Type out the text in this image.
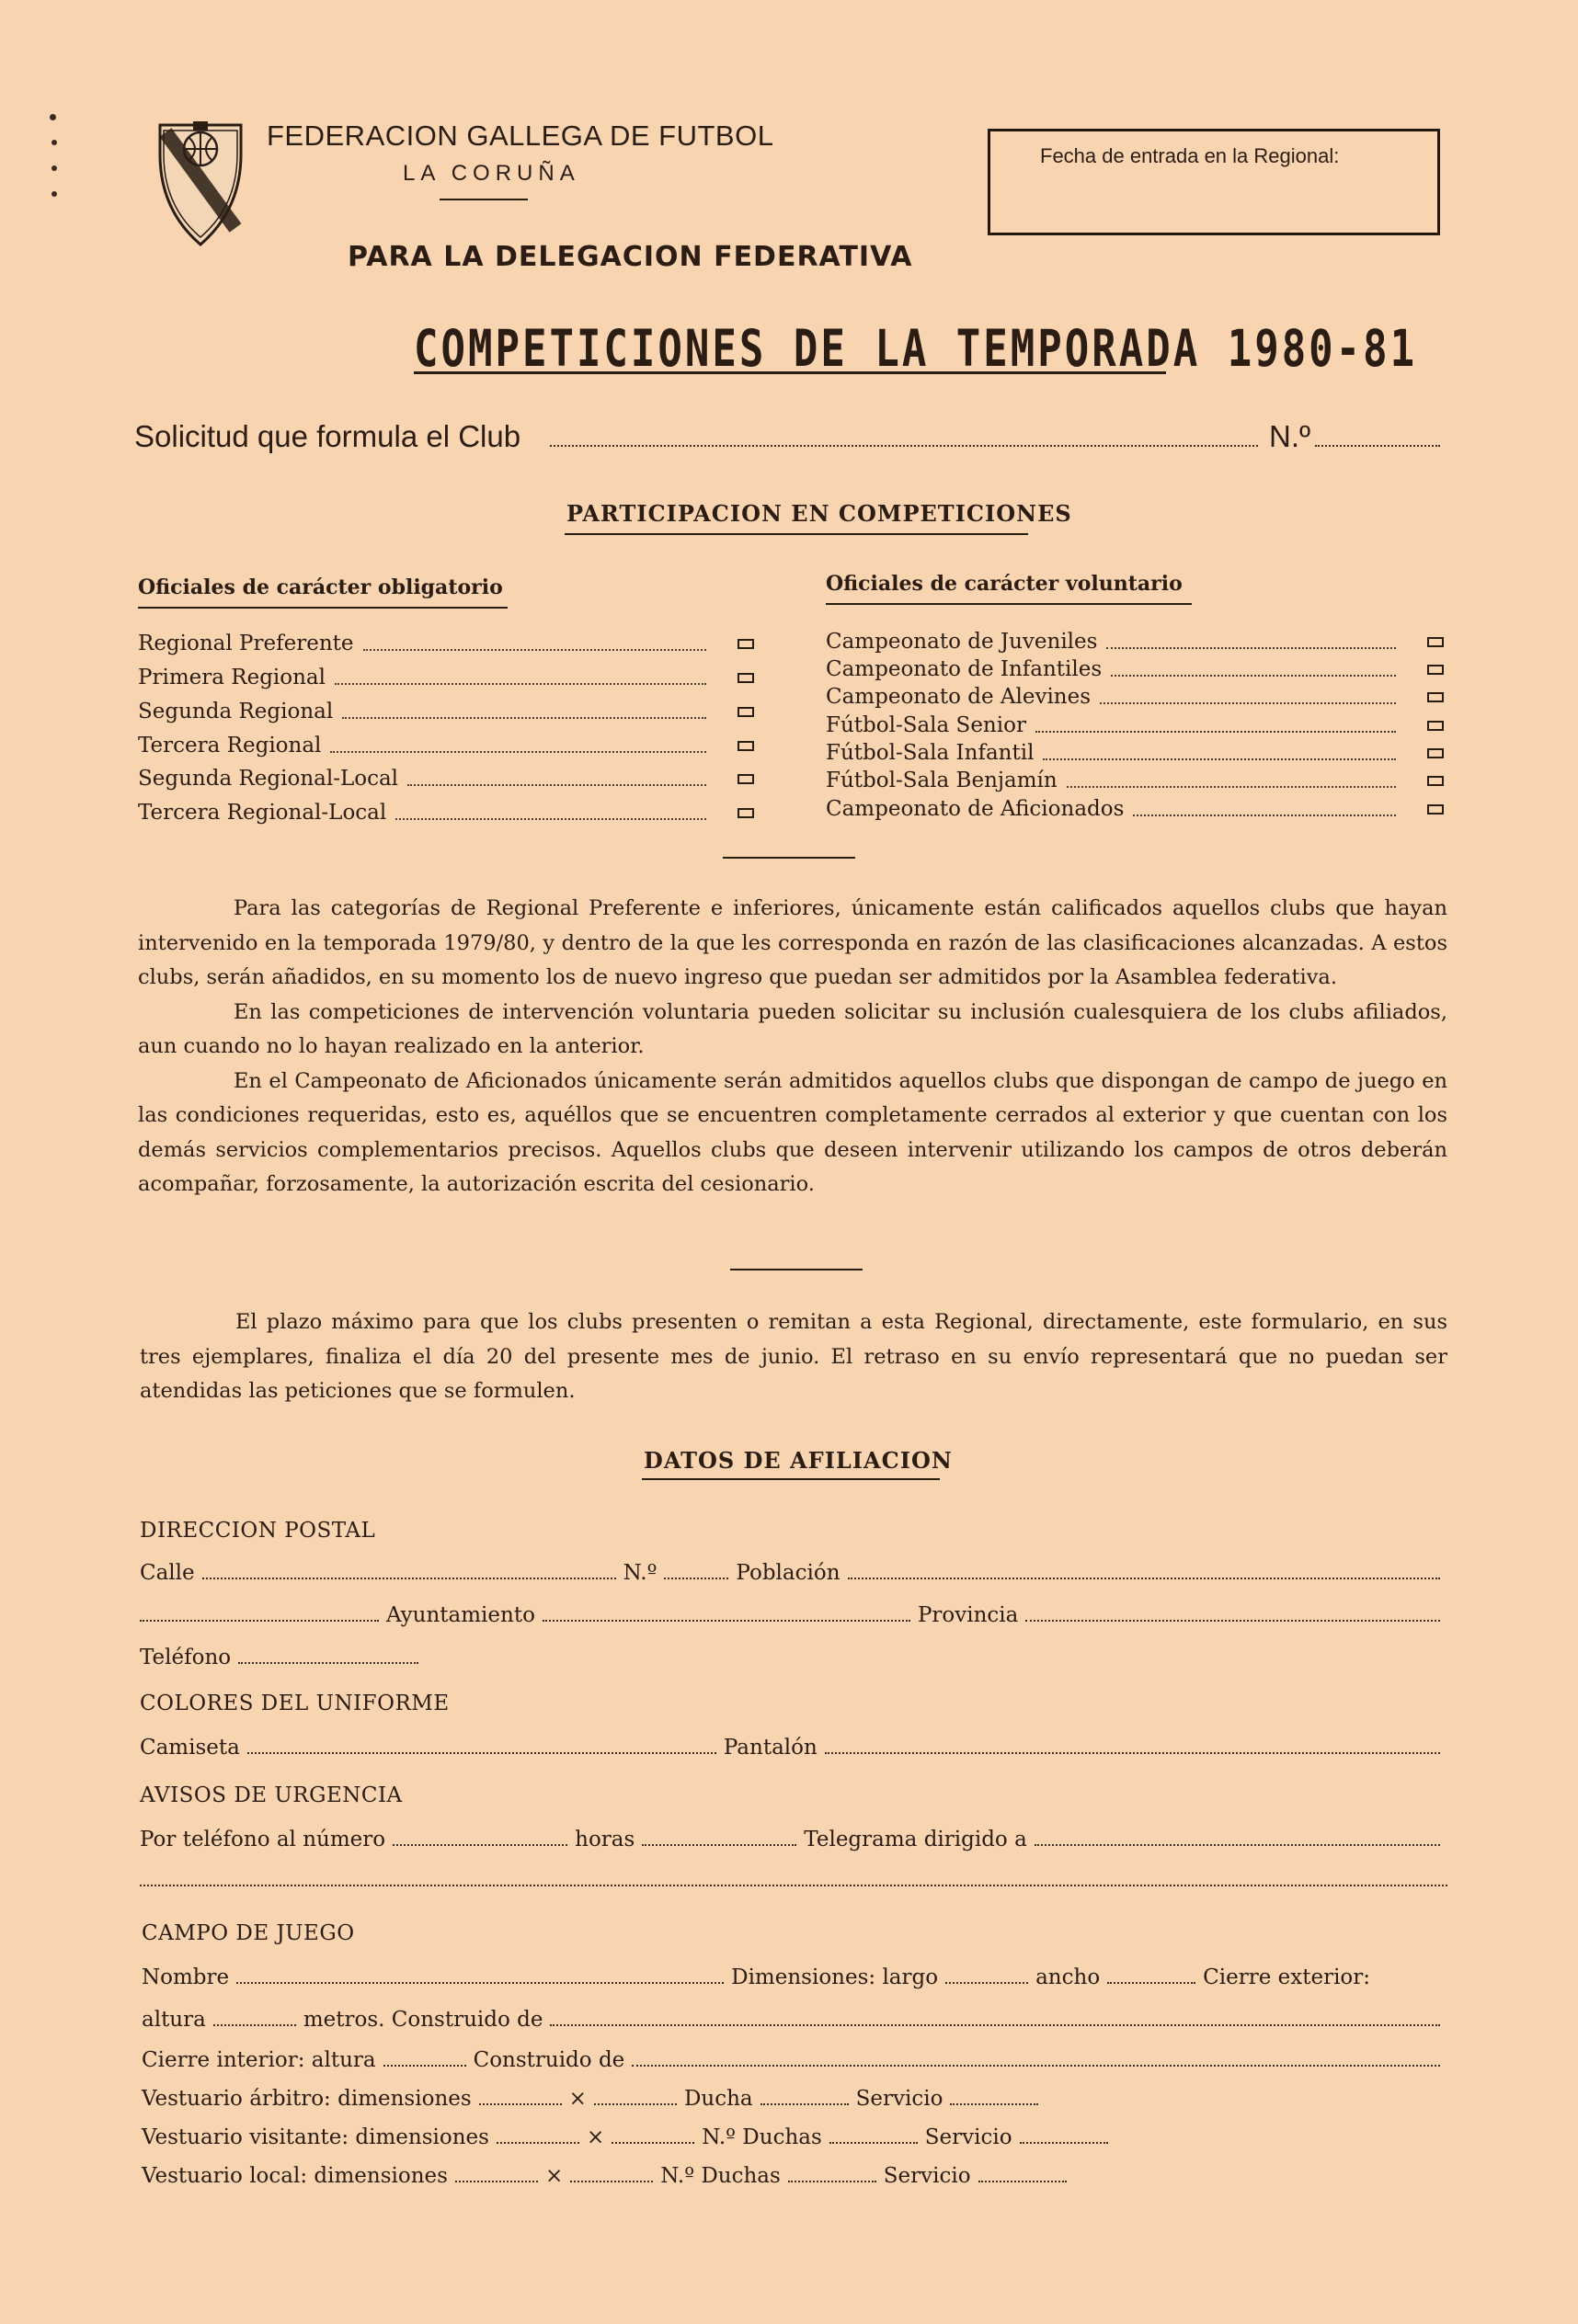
FEDERACION GALLEGA DE FUTBOL
LA CORUÑA
Fecha de entrada en la Regional:
PARA LA DELEGACION FEDERATIVA
COMPETICIONES DE LA TEMPORADA 1980-81
Solicitud que formula el Club	N.º
PARTICIPACION EN COMPETICIONES
Oficiales de carácter obligatorio	Oficiales de carácter voluntario
Regional Preferente
Primera Regional
Segunda Regional
Tercera Regional
Segunda Regional-Local
Tercera Regional-Local
Campeonato de Juveniles
Campeonato de Infantiles
Campeonato de Alevines
Fútbol-Sala Senior
Fútbol-Sala Infantil
Fútbol-Sala Benjamín
Campeonato de Aficionados

Para las categorías de Regional Preferente e inferiores, únicamente están calificados aquellos clubs que hayan intervenido en la temporada 1979/80, y dentro de la que les corresponda en razón de las clasificaciones alcanzadas. A estos clubs, serán añadidos, en su momento los de nuevo ingreso que puedan ser admitidos por la Asamblea federativa.

En las competiciones de intervención voluntaria pueden solicitar su inclusión cualesquiera de los clubs afiliados, aun cuando no lo hayan realizado en la anterior.

En el Campeonato de Aficionados únicamente serán admitidos aquellos clubs que dispongan de campo de juego en las condiciones requeridas, esto es, aquéllos que se encuentren completamente cerrados al exterior y que cuentan con los demás servicios complementarios precisos. Aquellos clubs que deseen intervenir utilizando los campos de otros deberán acompañar, forzosamente, la autorización escrita del cesionario.

El plazo máximo para que los clubs presenten o remitan a esta Regional, directamente, este formulario, en sus tres ejemplares, finaliza el día 20 del presente mes de junio. El retraso en su envío representará que no puedan ser atendidas las peticiones que se formulen.

DATOS DE AFILIACION
DIRECCION POSTAL
Calle	N.º	Población
Ayuntamiento	Provincia
Teléfono
COLORES DEL UNIFORME
Camiseta	Pantalón
AVISOS DE URGENCIA
Por teléfono al número	horas	Telegrama dirigido a
CAMPO DE JUEGO
Nombre	Dimensiones: largo	ancho	Cierre exterior:
altura	metros. Construido de
Cierre interior: altura	Construido de
Vestuario árbitro: dimensiones	×	Ducha	Servicio
Vestuario visitante: dimensiones	×	N.º Duchas	Servicio
Vestuario local: dimensiones	×	N.º Duchas	Servicio
